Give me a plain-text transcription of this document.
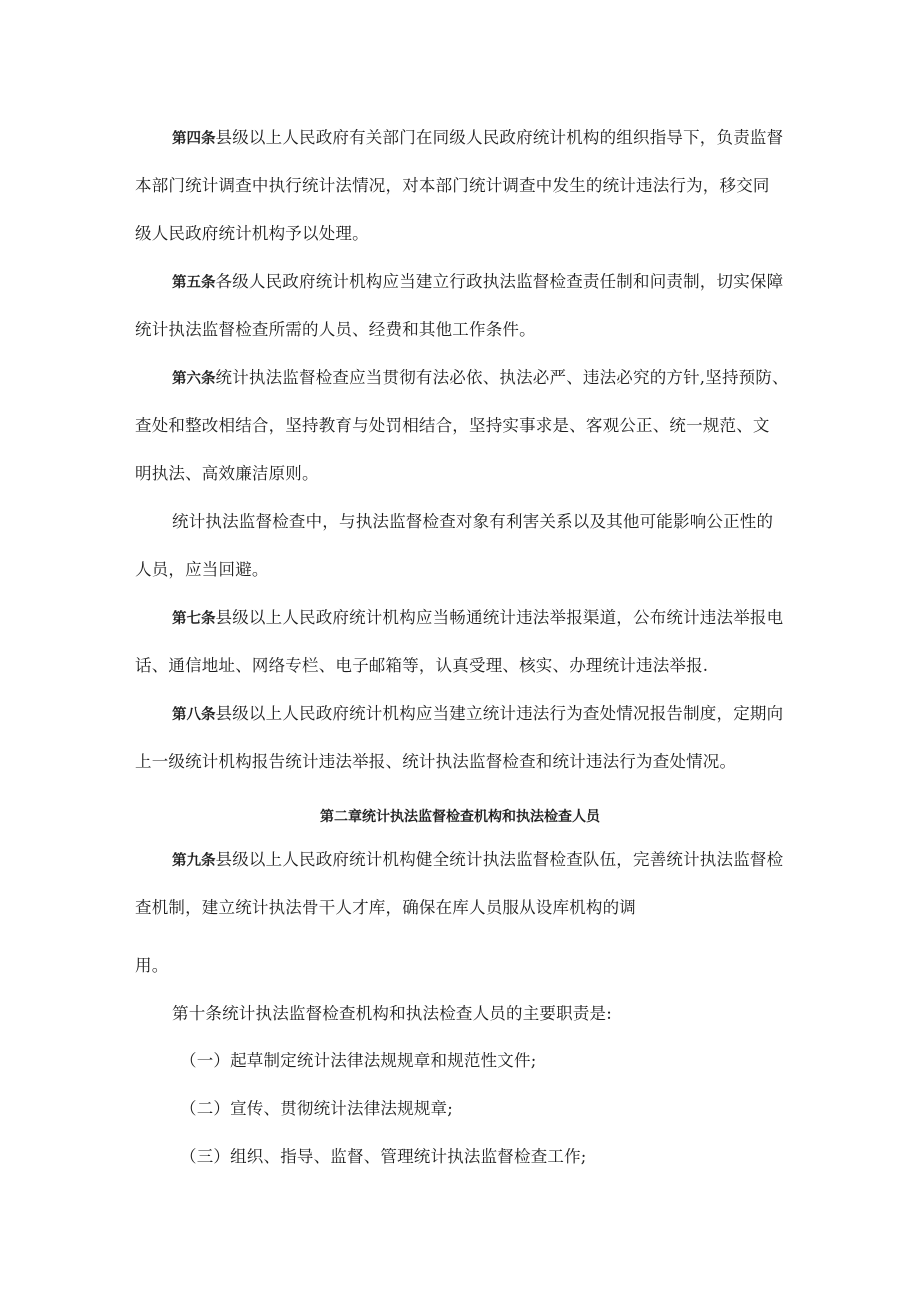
第四条县级以上人民政府有关部门在同级人民政府统计机构的组织指导下，负责监督
本部门统计调查中执行统计法情况，对本部门统计调查中发生的统计违法行为，移交同
级人民政府统计机构予以处理。
第五条各级人民政府统计机构应当建立行政执法监督检查责任制和问责制，切实保障
统计执法监督检查所需的人员、经费和其他工作条件。
第六条统计执法监督检查应当贯彻有法必依、执法必严、违法必究的方针,坚持预防、
查处和整改相结合，坚持教育与处罚相结合，坚持实事求是、客观公正、统一规范、文
明执法、高效廉洁原则。
统计执法监督检查中，与执法监督检查对象有利害关系以及其他可能影响公正性的
人员，应当回避。
第七条县级以上人民政府统计机构应当畅通统计违法举报渠道，公布统计违法举报电
话、通信地址、网络专栏、电子邮箱等，认真受理、核实、办理统计违法举报.
第八条县级以上人民政府统计机构应当建立统计违法行为查处情况报告制度，定期向
上一级统计机构报告统计违法举报、统计执法监督检查和统计违法行为查处情况。
第二章统计执法监督检查机构和执法检查人员
第九条县级以上人民政府统计机构健全统计执法监督检查队伍，完善统计执法监督检
查机制，建立统计执法骨干人才库，确保在库人员服从设库机构的调
用。
第十条统计执法监督检查机构和执法检查人员的主要职责是:
（一）起草制定统计法律法规规章和规范性文件;
（二）宣传、贯彻统计法律法规规章;
（三）组织、指导、监督、管理统计执法监督检查工作;
